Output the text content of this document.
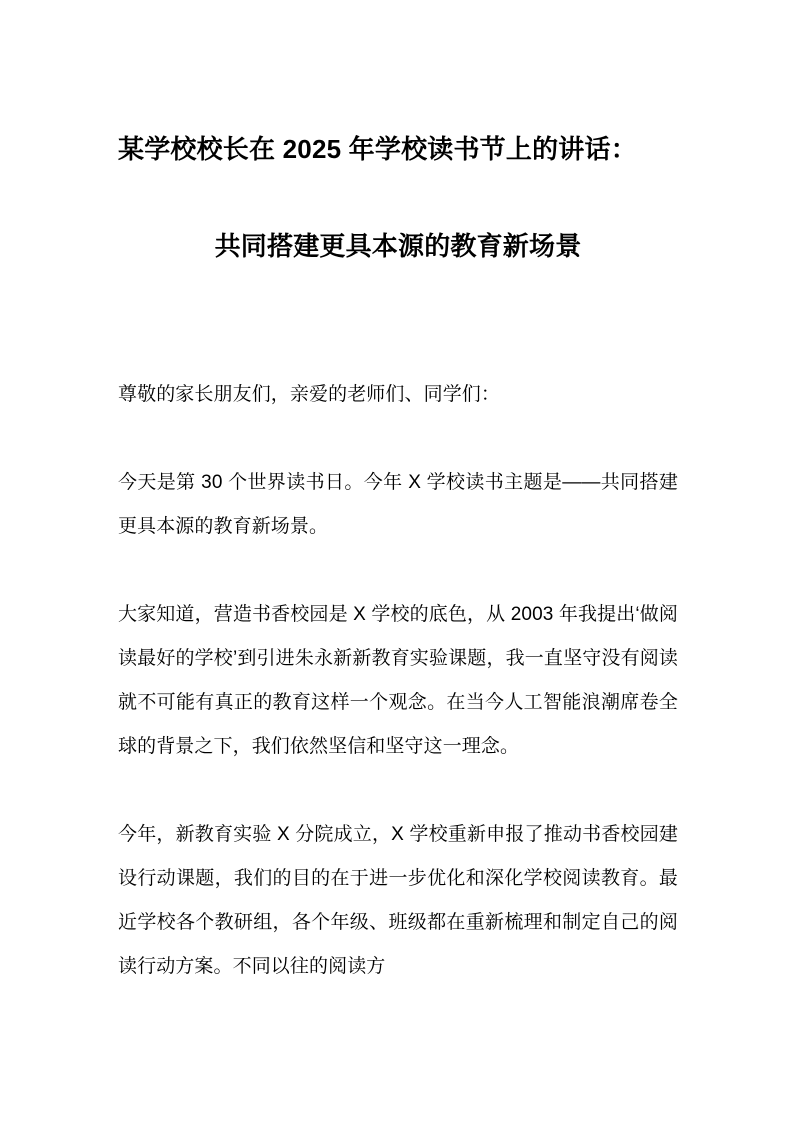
某学校校长在 2025 年学校读书节上的讲话：
共同搭建更具本源的教育新场景

尊敬的家长朋友们，亲爱的老师们、同学们：

今天是第 30 个世界读书日。今年 X 学校读书主题是——共同搭建更具本源的教育新场景。

大家知道，营造书香校园是 X 学校的底色，从 2003 年我提出‘做阅读最好的学校’到引进朱永新新教育实验课题，我一直坚守没有阅读就不可能有真正的教育这样一个观念。在当今人工智能浪潮席卷全球的背景之下，我们依然坚信和坚守这一理念。

今年，新教育实验 X 分院成立，X 学校重新申报了推动书香校园建设行动课题，我们的目的在于进一步优化和深化学校阅读教育。最近学校各个教研组，各个年级、班级都在重新梳理和制定自己的阅读行动方案。不同以往的阅读方
